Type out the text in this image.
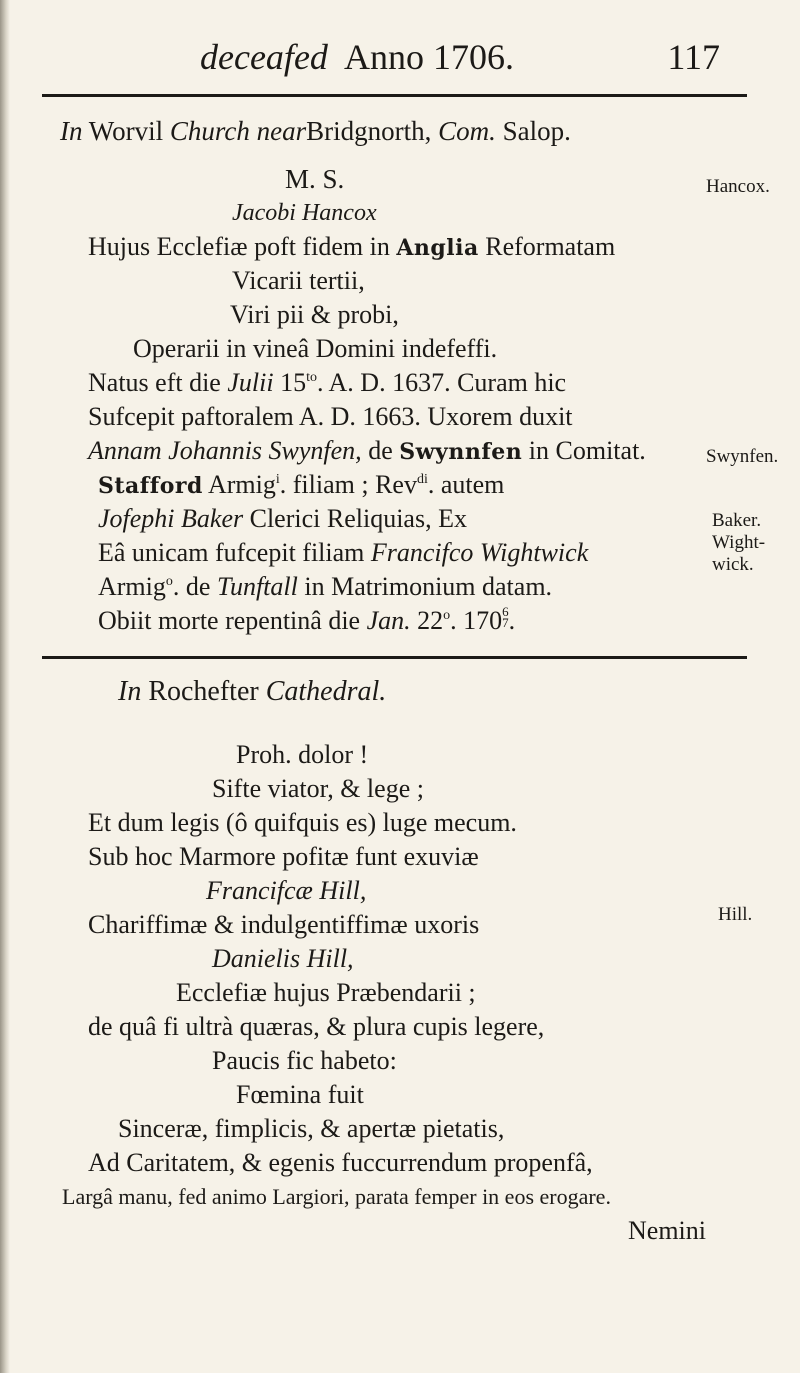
deceafed Anno 1706.	117
In Worvil Church nearBridgnorth, Com. Salop.
M. S.
Jacobi Hancox
Hujus Ecclefiæ poft fidem in Anglia Reformatam
Vicarii tertii,
Viri pii & probi,
Operarii in vineâ Domini indefeffi.
Natus eft die Julii $15^{to}$. A. D. 1637. Curam hic
Sufcepit paftoralem A. D. 1663. Uxorem duxit
Annam Johannis Swynfen, de Swynnfen in Comitat.
Stafford Armig$^i$. filiam ; Rev$^{di}$. autem
Jofephi Baker Clerici Reliquias, Ex
Eâ unicam fufcepit filiam Francifco Wightwick
Armig$^o$. de Tunftall in Matrimonium datam.
Obiit morte repentinâ die Jan. 22$^o$. 170 6
7 .
Hancox.
Swynfen.
Baker.
Wight-
wick.
In Rochefter Cathedral.
Proh. dolor !
Sifte viator, & lege ;
Et dum legis (ô quifquis es) luge mecum.
Sub hoc Marmore pofitæ funt exuviæ
Francifcæ Hill,
Chariffimæ & indulgentiffimæ uxoris
Danielis Hill,
Ecclefiæ hujus Præbendarii ;
de quâ fi ultrà quæras, & plura cupis legere,
Paucis fic habeto:
Fœmina fuit
Sinceræ, fimplicis, & apertæ pietatis,
Ad Caritatem, & egenis fuccurrendum propenfâ,
Largâ manu, fed animo Largiori, parata femper in eos erogare.
Nemini
Hill.
